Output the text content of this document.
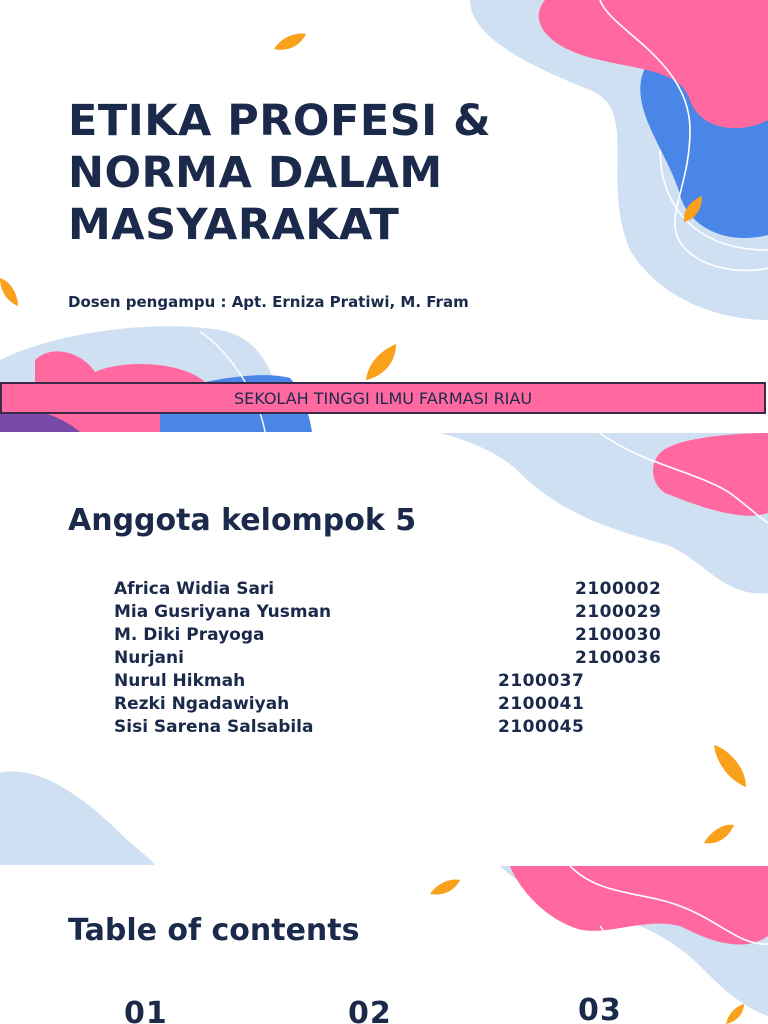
ETIKA PROFESI & NORMA DALAM MASYARAKAT

Dosen pengampu : Apt. Erniza Pratiwi, M. Fram

SEKOLAH TINGGI ILMU FARMASI RIAU
Anggota kelompok 5
Africa Widia Sari	2100002
Mia Gusriyana Yusman	2100029
M. Diki Prayoga	2100030
Nurjani	2100036
Nurul Hikmah	2100037
Rezki Ngadawiyah	2100041
Sisi Sarena Salsabila	2100045
Table of contents
01	02	03
